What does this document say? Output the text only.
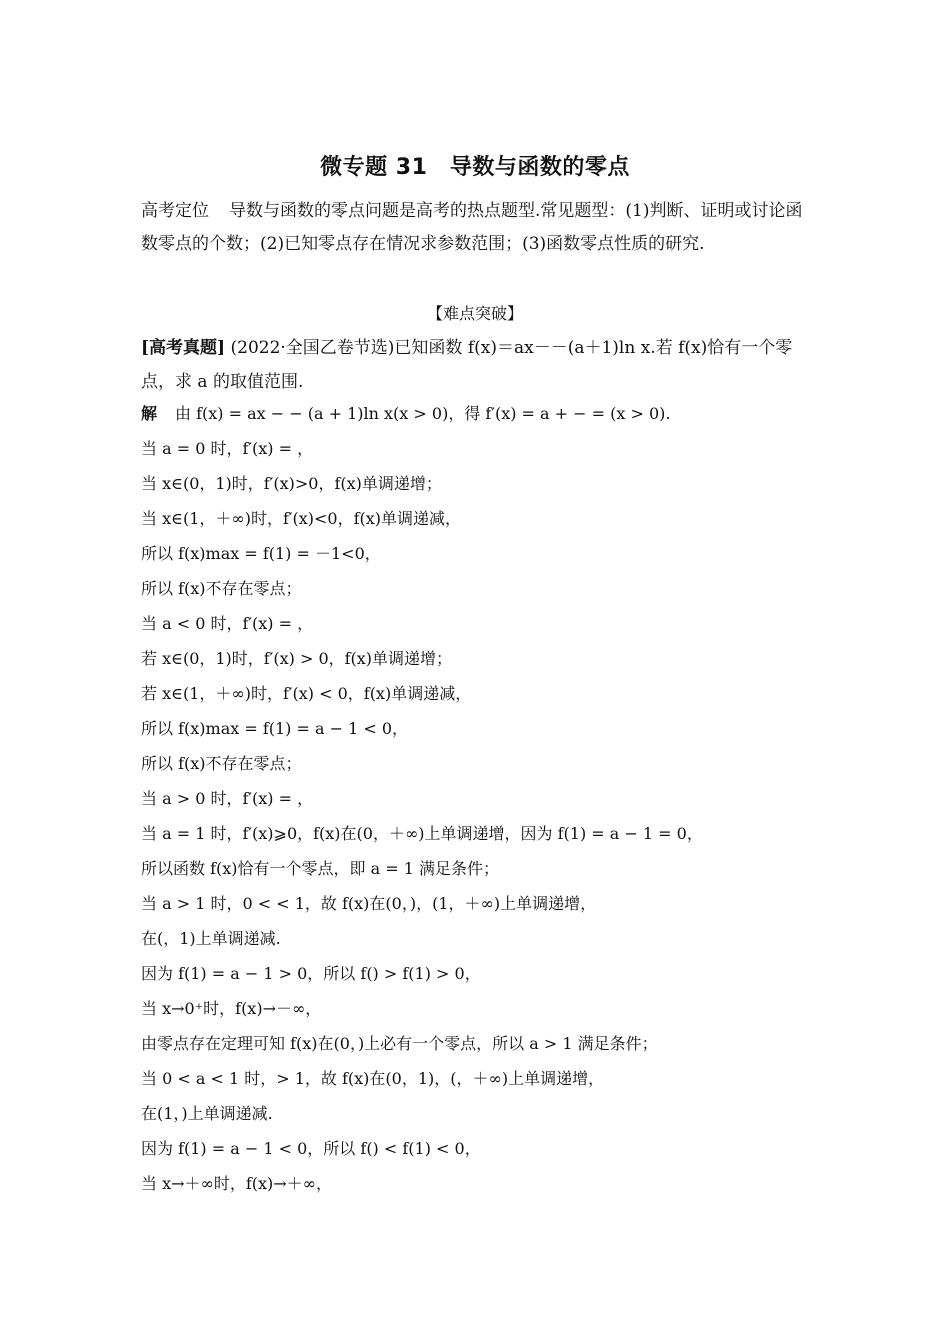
微专题 31　导数与函数的零点
高考定位 导数与函数的零点问题是高考的热点题型.常见题型：(1)判断、证明或讨论函数零点的个数；(2)已知零点存在情况求参数范围；(3)函数零点性质的研究.
【难点突破】
[高考真题] (2022·全国乙卷节选)已知函数 f(x)＝ax－－(a＋1)ln x.若 f(x)恰有一个零点，求 a 的取值范围.
解 由 f(x) = ax − − (a + 1)ln x(x > 0)，得 f′(x) = a + − = (x > 0).
当 a = 0 时，f′(x) = ，
当 x∈(0，1)时，f′(x)>0，f(x)单调递增；
当 x∈(1，＋∞)时，f′(x)<0，f(x)单调递减，
所以 f(x)max = f(1) = －1<0，
所以 f(x)不存在零点；
当 a < 0 时，f′(x) = ，
若 x∈(0，1)时，f′(x) > 0，f(x)单调递增；
若 x∈(1，＋∞)时，f′(x) < 0，f(x)单调递减，
所以 f(x)max = f(1) = a − 1 < 0，
所以 f(x)不存在零点；
当 a > 0 时，f′(x) = ，
当 a = 1 时，f′(x)⩾0，f(x)在(0，＋∞)上单调递增，因为 f(1) = a − 1 = 0，
所以函数 f(x)恰有一个零点，即 a = 1 满足条件；
当 a > 1 时，0 < < 1，故 f(x)在(0，)，(1，＋∞)上单调递增，
在(，1)上单调递减.
因为 f(1) = a − 1 > 0，所以 f() > f(1) > 0，
当 x→0⁺时，f(x)→－∞，
由零点存在定理可知 f(x)在(0，)上必有一个零点，所以 a > 1 满足条件；
当 0 < a < 1 时，> 1，故 f(x)在(0，1)，(，＋∞)上单调递增，
在(1，)上单调递减.
因为 f(1) = a − 1 < 0，所以 f() < f(1) < 0，
当 x→＋∞时，f(x)→＋∞，
